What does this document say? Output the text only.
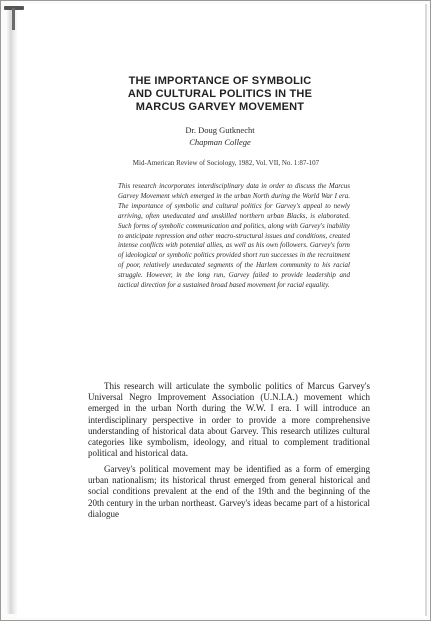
THE IMPORTANCE OF SYMBOLIC
AND CULTURAL POLITICS IN THE
MARCUS GARVEY MOVEMENT
Dr. Doug Gutknecht
Chapman College
Mid-American Review of Sociology, 1982, Vol. VII, No. 1:87-107
This research incorporates interdisciplinary data in order to discuss the Marcus Garvey Movement which emerged in the urban North during the World War I era. The importance of symbolic and cultural politics for Garvey's appeal to newly arriving, often uneducated and unskilled northern urban Blacks, is elaborated. Such forms of symbolic communication and politics, along with Garvey's inability to anticipate repression and other macro-structural issues and conditions, created intense conflicts with potential allies, as well as his own followers. Garvey's form of ideological or symbolic politics provided short run successes in the recruitment of poor, relatively uneducated segments of the Harlem community to his racial struggle. However, in the long run, Garvey failed to provide leadership and tactical direction for a sustained broad based movement for racial equality.
This research will articulate the symbolic politics of Marcus Garvey's Universal Negro Improvement Association (U.N.I.A.) movement which emerged in the urban North during the W.W. I era. I will introduce an interdisciplinary perspective in order to provide a more comprehensive understanding of historical data about Garvey. This research utilizes cultural categories like symbolism, ideology, and ritual to complement traditional political and historical data.
Garvey's political movement may be identified as a form of emerging urban nationalism; its historical thrust emerged from general historical and social conditions prevalent at the end of the 19th and the beginning of the 20th century in the urban northeast. Garvey's ideas became part of a historical dialogue
